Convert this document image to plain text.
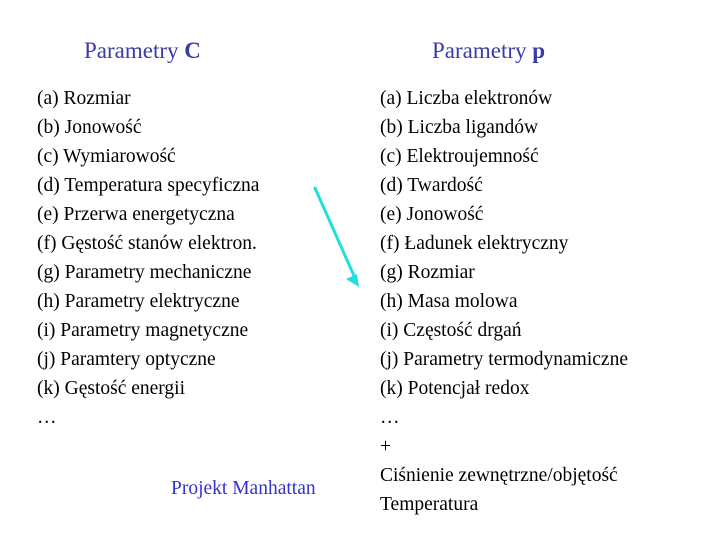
Parametry C	Parametry p
(a) Rozmiar
(b) Jonowość
(c) Wymiarowość
(d) Temperatura specyficzna
(e) Przerwa energetyczna
(f) Gęstość stanów elektron.
(g) Parametry mechaniczne
(h) Parametry elektryczne
(i) Parametry magnetyczne
(j) Paramtery optyczne
(k) Gęstość energii
…
(a) Liczba elektronów
(b) Liczba ligandów
(c) Elektroujemność
(d) Twardość
(e) Jonowość
(f) Ładunek elektryczny
(g) Rozmiar
(h) Masa molowa
(i) Częstość drgań
(j) Parametry termodynamiczne
(k) Potencjał redox
…
+
Ciśnienie zewnętrzne/objętość
Temperatura
Projekt Manhattan
